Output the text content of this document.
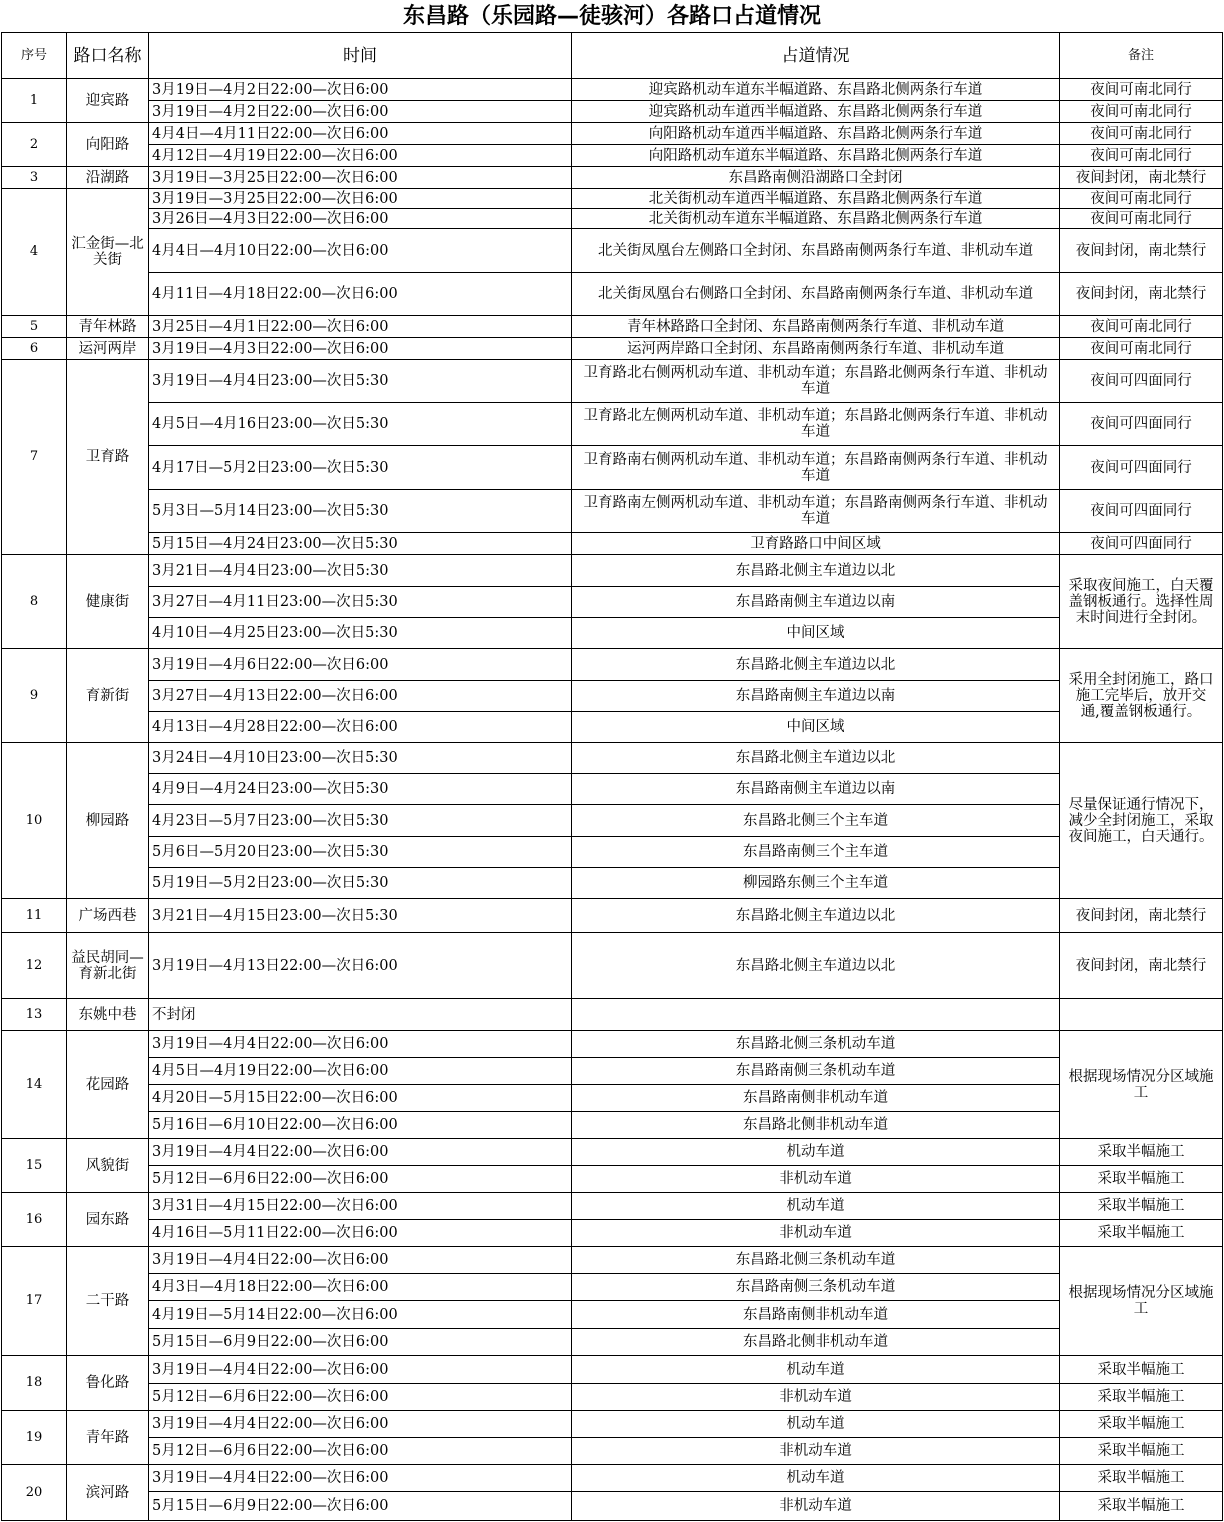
东昌路（乐园路—徒骇河）各路口占道情况
序号	路口名称	时间	占道情况	备注
1	迎宾路
3月19日—4月2日22:00—次日6:00	迎宾路机动车道东半幅道路、东昌路北侧两条行车道	夜间可南北同行
3月19日—4月2日22:00—次日6:00	迎宾路机动车道西半幅道路、东昌路北侧两条行车道	夜间可南北同行
2	向阳路
4月4日—4月11日22:00—次日6:00	向阳路机动车道西半幅道路、东昌路北侧两条行车道	夜间可南北同行
4月12日—4月19日22:00—次日6:00	向阳路机动车道东半幅道路、东昌路北侧两条行车道	夜间可南北同行
3	沿湖路	3月19日—3月25日22:00—次日6:00	东昌路南侧沿湖路口全封闭	夜间封闭，南北禁行
4	汇金街—北关街
3月19日—3月25日22:00—次日6:00	北关街机动车道西半幅道路、东昌路北侧两条行车道	夜间可南北同行
3月26日—4月3日22:00—次日6:00	北关街机动车道东半幅道路、东昌路北侧两条行车道	夜间可南北同行
4月4日—4月10日22:00—次日6:00	北关街凤凰台左侧路口全封闭、东昌路南侧两条行车道、非机动车道	夜间封闭，南北禁行
4月11日—4月18日22:00—次日6:00	北关街凤凰台右侧路口全封闭、东昌路南侧两条行车道、非机动车道	夜间封闭，南北禁行
5	青年林路	3月25日—4月1日22:00—次日6:00	青年林路路口全封闭、东昌路南侧两条行车道、非机动车道	夜间可南北同行
6	运河两岸	3月19日—4月3日22:00—次日6:00	运河两岸路口全封闭、东昌路南侧两条行车道、非机动车道	夜间可南北同行
7	卫育路
3月19日—4月4日23:00—次日5:30	卫育路北右侧两机动车道、非机动车道；东昌路北侧两条行车道、非机动车道	夜间可四面同行
4月5日—4月16日23:00—次日5:30	卫育路北左侧两机动车道、非机动车道；东昌路北侧两条行车道、非机动车道	夜间可四面同行
4月17日—5月2日23:00—次日5:30	卫育路南右侧两机动车道、非机动车道；东昌路南侧两条行车道、非机动车道	夜间可四面同行
5月3日—5月14日23:00—次日5:30	卫育路南左侧两机动车道、非机动车道；东昌路南侧两条行车道、非机动车道	夜间可四面同行
5月15日—4月24日23:00—次日5:30	卫育路路口中间区域	夜间可四面同行
8	健康街
采取夜间施工，白天覆盖钢板通行。选择性周末时间进行全封闭。
3月21日—4月4日23:00—次日5:30	东昌路北侧主车道边以北
3月27日—4月11日23:00—次日5:30	东昌路南侧主车道边以南
4月10日—4月25日23:00—次日5:30	中间区域
9	育新街
采用全封闭施工，路口施工完毕后，放开交通,覆盖钢板通行。
3月19日—4月6日22:00—次日6:00	东昌路北侧主车道边以北
3月27日—4月13日22:00—次日6:00	东昌路南侧主车道边以南
4月13日—4月28日22:00—次日6:00	中间区域
10	柳园路
尽量保证通行情况下，减少全封闭施工，采取夜间施工，白天通行。
3月24日—4月10日23:00—次日5:30	东昌路北侧主车道边以北
4月9日—4月24日23:00—次日5:30	东昌路南侧主车道边以南
4月23日—5月7日23:00—次日5:30	东昌路北侧三个主车道
5月6日—5月20日23:00—次日5:30	东昌路南侧三个主车道
5月19日—5月2日23:00—次日5:30	柳园路东侧三个主车道
11	广场西巷	3月21日—4月15日23:00—次日5:30	东昌路北侧主车道边以北	夜间封闭，南北禁行
12	益民胡同—育新北街	3月19日—4月13日22:00—次日6:00	东昌路北侧主车道边以北	夜间封闭，南北禁行
13	东姚中巷	不封闭
14	花园路	根据现场情况分区域施工
3月19日—4月4日22:00—次日6:00	东昌路北侧三条机动车道
4月5日—4月19日22:00—次日6:00	东昌路南侧三条机动车道
4月20日—5月15日22:00—次日6:00	东昌路南侧非机动车道
5月16日—6月10日22:00—次日6:00	东昌路北侧非机动车道
15	风貌街
3月19日—4月4日22:00—次日6:00	机动车道	采取半幅施工
5月12日—6月6日22:00—次日6:00	非机动车道	采取半幅施工
16	园东路
3月31日—4月15日22:00—次日6:00	机动车道	采取半幅施工
4月16日—5月11日22:00—次日6:00	非机动车道	采取半幅施工
17	二干路	根据现场情况分区域施工
3月19日—4月4日22:00—次日6:00	东昌路北侧三条机动车道
4月3日—4月18日22:00—次日6:00	东昌路南侧三条机动车道
4月19日—5月14日22:00—次日6:00	东昌路南侧非机动车道
5月15日—6月9日22:00—次日6:00	东昌路北侧非机动车道
18	鲁化路
3月19日—4月4日22:00—次日6:00	机动车道	采取半幅施工
5月12日—6月6日22:00—次日6:00	非机动车道	采取半幅施工
19	青年路
3月19日—4月4日22:00—次日6:00	机动车道	采取半幅施工
5月12日—6月6日22:00—次日6:00	非机动车道	采取半幅施工
20	滨河路
3月19日—4月4日22:00—次日6:00	机动车道	采取半幅施工
5月15日—6月9日22:00—次日6:00	非机动车道	采取半幅施工
